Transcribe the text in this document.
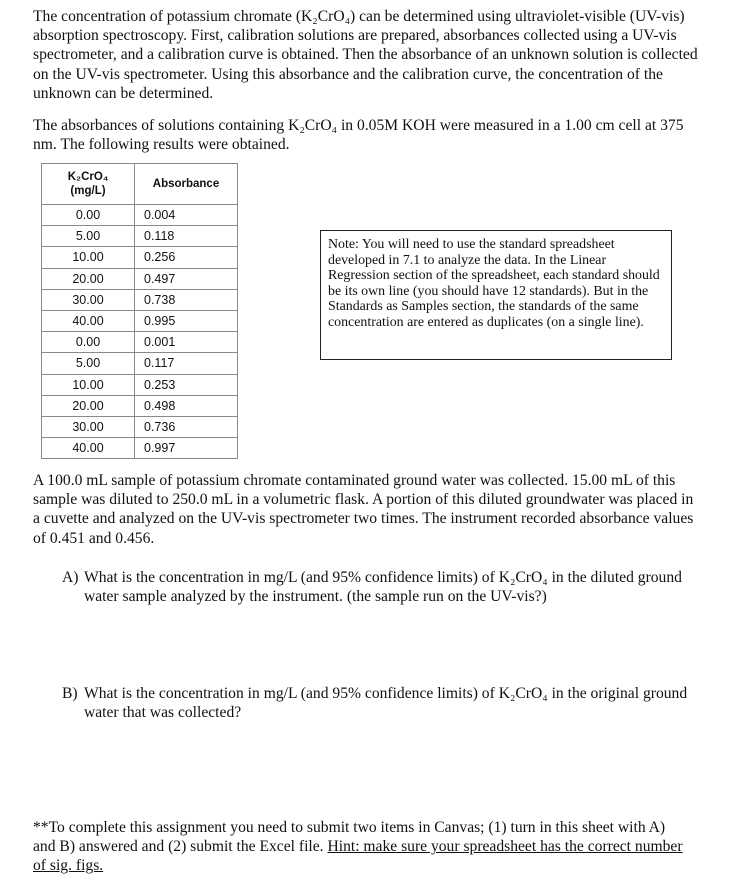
The concentration of potassium chromate (K₂CrO₄) can be determined using ultraviolet-visible (UV-vis) absorption spectroscopy. First, calibration solutions are prepared, absorbances collected using a UV-vis spectrometer, and a calibration curve is obtained. Then the absorbance of an unknown solution is collected on the UV-vis spectrometer. Using this absorbance and the calibration curve, the concentration of the unknown can be determined.
The absorbances of solutions containing K₂CrO₄ in 0.05M KOH were measured in a 1.00 cm cell at 375 nm. The following results were obtained.
K₂CrO₄
(mg/L)	Absorbance
0.00	0.004
5.00	0.118
10.00	0.256
20.00	0.497
30.00	0.738
40.00	0.995
0.00	0.001
5.00	0.117
10.00	0.253
20.00	0.498
30.00	0.736
40.00	0.997
Note: You will need to use the standard spreadsheet developed in 7.1 to analyze the data. In the Linear Regression section of the spreadsheet, each standard should be its own line (you should have 12 standards). But in the Standards as Samples section, the standards of the same concentration are entered as duplicates (on a single line).
A 100.0 mL sample of potassium chromate contaminated ground water was collected. 15.00 mL of this sample was diluted to 250.0 mL in a volumetric flask. A portion of this diluted groundwater was placed in a cuvette and analyzed on the UV-vis spectrometer two times. The instrument recorded absorbance values of 0.451 and 0.456.
A) What is the concentration in mg/L (and 95% confidence limits) of K₂CrO₄ in the diluted ground water sample analyzed by the instrument. (the sample run on the UV-vis?)
B) What is the concentration in mg/L (and 95% confidence limits) of K₂CrO₄ in the original ground water that was collected?
**To complete this assignment you need to submit two items in Canvas; (1) turn in this sheet with A) and B) answered and (2) submit the Excel file. Hint: make sure your spreadsheet has the correct number of sig. figs.
